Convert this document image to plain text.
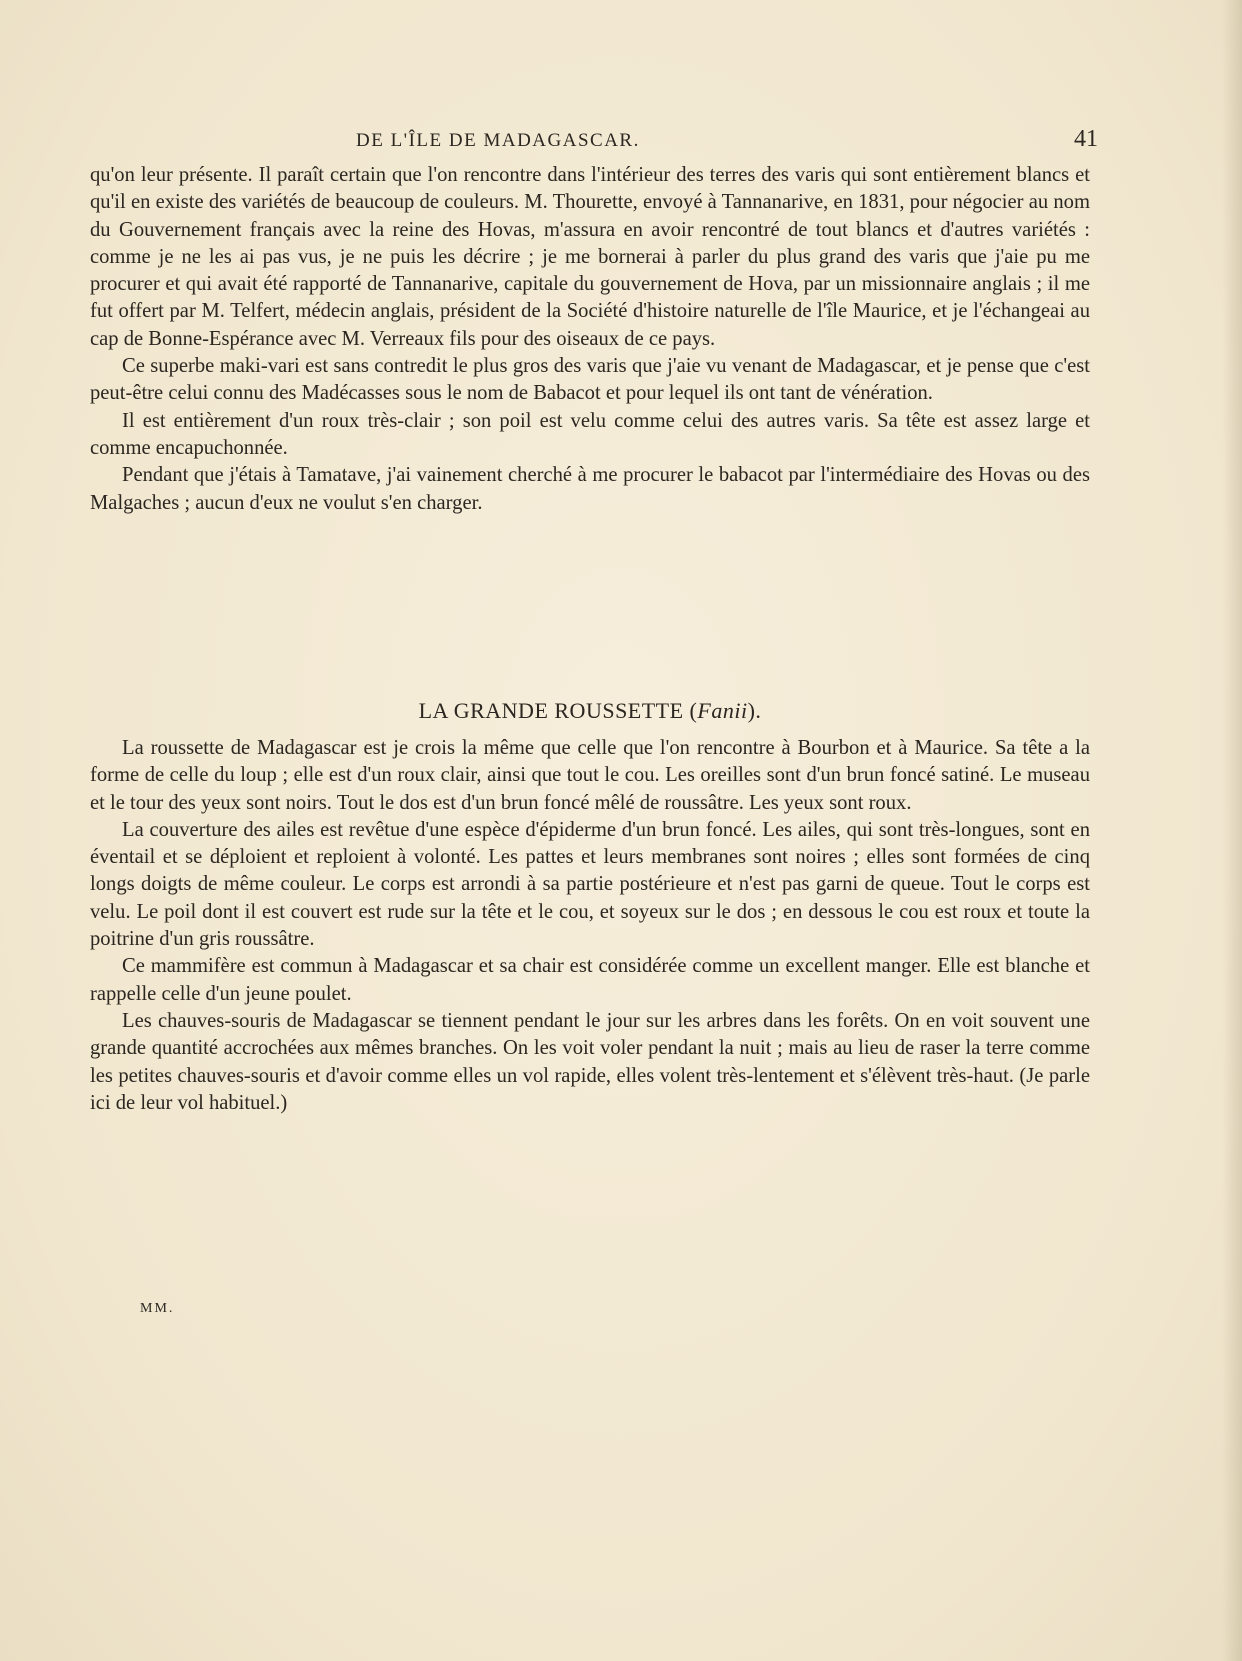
DE L'ÎLE DE MADAGASCAR.	41

qu'on leur présente. Il paraît certain que l'on rencontre dans l'intérieur des terres des varis qui sont entièrement blancs et qu'il en existe des variétés de beaucoup de couleurs. M. Thourette, envoyé à Tannanarive, en 1831, pour négocier au nom du Gouvernement français avec la reine des Hovas, m'assura en avoir rencontré de tout blancs et d'autres variétés : comme je ne les ai pas vus, je ne puis les décrire ; je me bornerai à parler du plus grand des varis que j'aie pu me procurer et qui avait été rapporté de Tannanarive, capitale du gouvernement de Hova, par un missionnaire anglais ; il me fut offert par M. Telfert, médecin anglais, président de la Société d'histoire naturelle de l'île Maurice, et je l'échangeai au cap de Bonne-Espérance avec M. Verreaux fils pour des oiseaux de ce pays.

Ce superbe maki-vari est sans contredit le plus gros des varis que j'aie vu venant de Madagascar, et je pense que c'est peut-être celui connu des Madécasses sous le nom de Babacot et pour lequel ils ont tant de vénération.

Il est entièrement d'un roux très-clair ; son poil est velu comme celui des autres varis. Sa tête est assez large et comme encapuchonnée.

Pendant que j'étais à Tamatave, j'ai vainement cherché à me procurer le babacot par l'intermédiaire des Hovas ou des Malgaches ; aucun d'eux ne voulut s'en charger.

LA GRANDE ROUSSETTE (Fanii).

La roussette de Madagascar est je crois la même que celle que l'on rencontre à Bourbon et à Maurice. Sa tête a la forme de celle du loup ; elle est d'un roux clair, ainsi que tout le cou. Les oreilles sont d'un brun foncé satiné. Le museau et le tour des yeux sont noirs. Tout le dos est d'un brun foncé mêlé de roussâtre. Les yeux sont roux.

La couverture des ailes est revêtue d'une espèce d'épiderme d'un brun foncé. Les ailes, qui sont très-longues, sont en éventail et se déploient et reploient à volonté. Les pattes et leurs membranes sont noires ; elles sont formées de cinq longs doigts de même couleur. Le corps est arrondi à sa partie postérieure et n'est pas garni de queue. Tout le corps est velu. Le poil dont il est couvert est rude sur la tête et le cou, et soyeux sur le dos ; en dessous le cou est roux et toute la poitrine d'un gris roussâtre.

Ce mammifère est commun à Madagascar et sa chair est considérée comme un excellent manger. Elle est blanche et rappelle celle d'un jeune poulet.

Les chauves-souris de Madagascar se tiennent pendant le jour sur les arbres dans les forêts. On en voit souvent une grande quantité accrochées aux mêmes branches. On les voit voler pendant la nuit ; mais au lieu de raser la terre comme les petites chauves-souris et d'avoir comme elles un vol rapide, elles volent très-lentement et s'élèvent très-haut. (Je parle ici de leur vol habituel.)

MM.
